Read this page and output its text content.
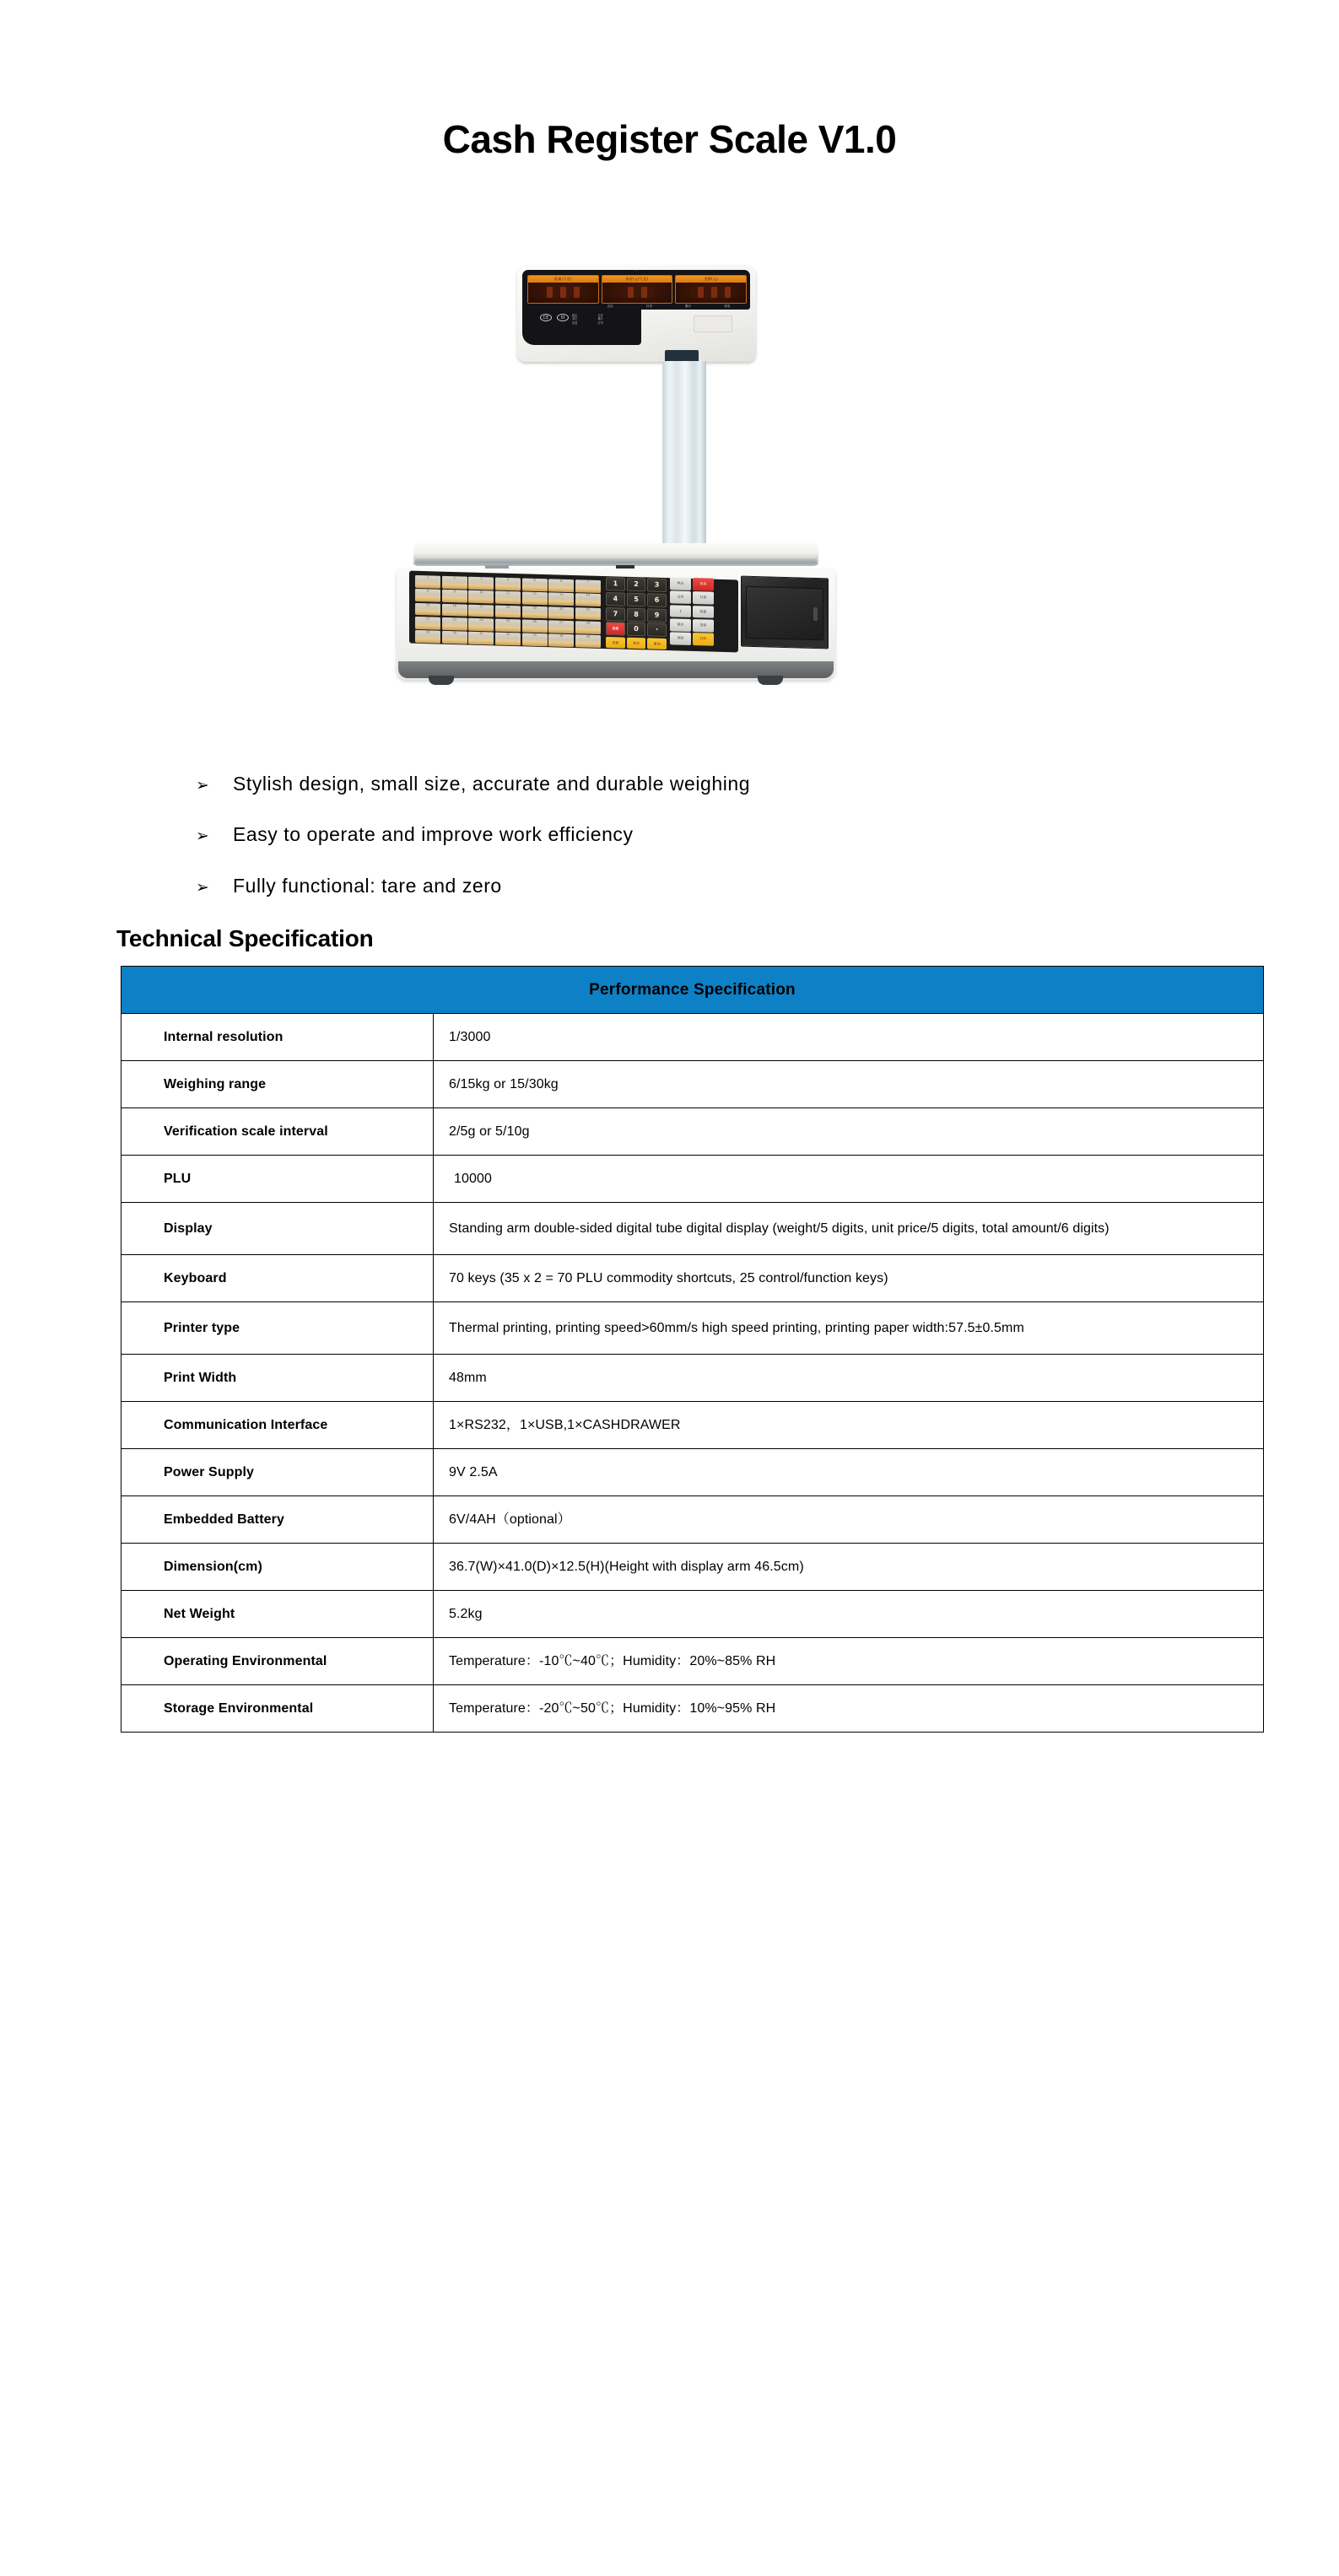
Cash Register Scale V1.0
重量(千克)	单价(元/千克)	金额(元)
去皮	归零	累计	省电
CE	III	稳定	去皮
零位	累计
电量	打印
1	2	3	4	5	6	7
8	9	10	11	12	13	14
15	16	17	18	19	20	21
22	23	24	25	26	27	28
29	30	31	32	33	34	35
1	2	3
4	5	6
7	8	9
退格	0	·
切换	菜单	累加
PLU	取消
去皮	归零
↓	数量
保存	找零
预检	打印
➢	Stylish design, small size, accurate and durable weighing
➢	Easy to operate and improve work efficiency
➢	Fully functional: tare and zero
Technical Specification
Performance Specification	
Internal resolution	1/3000
Weighing range	6/15kg or 15/30kg
Verification scale interval	2/5g or 5/10g
PLU	10000
Display	Standing arm double-sided digital tube digital display (weight/5 digits, unit price/5 digits, total amount/6 digits)
Keyboard	70 keys (35 x 2 = 70 PLU commodity shortcuts, 25 control/function keys)
Printer type	Thermal printing, printing speed>60mm/s high speed printing, printing paper width:57.5±0.5mm
Print Width	48mm
Communication Interface	1×RS232，1×USB,1×CASHDRAWER
Power Supply	9V 2.5A
Embedded Battery	6V/4AH（optional）
Dimension(cm)	36.7(W)×41.0(D)×12.5(H)(Height with display arm 46.5cm)
Net Weight	5.2kg
Operating Environmental	Temperature：-10℃~40℃；Humidity：20%~85% RH
Storage Environmental	Temperature：-20℃~50℃；Humidity：10%~95% RH
